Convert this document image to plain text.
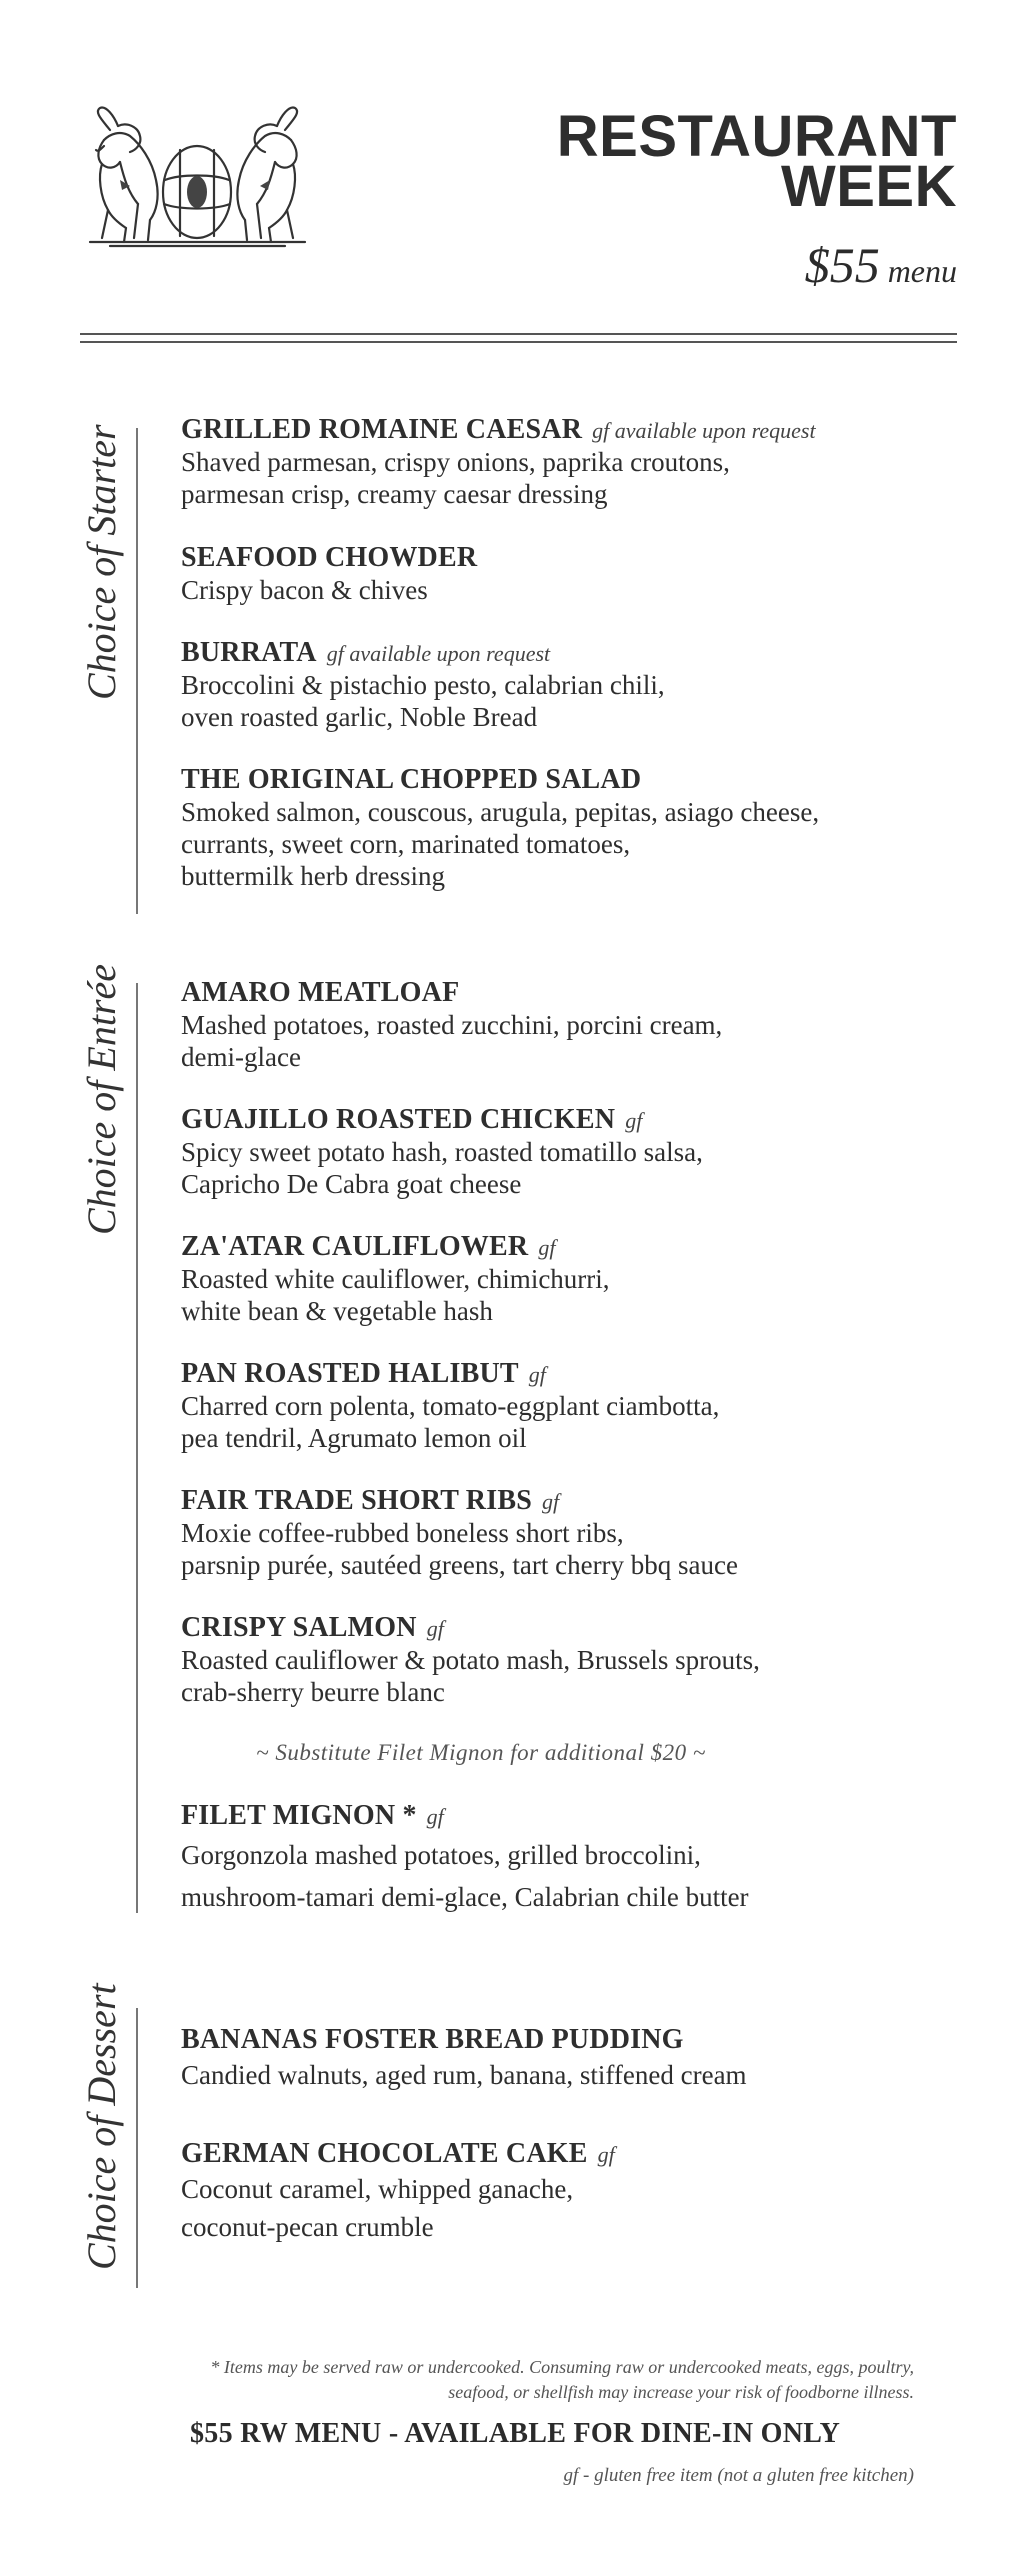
RESTAURANT
WEEK
$55 menu
Choice of Starter GRILLED ROMAINE CAESAR gf available upon request
Shaved parmesan, crispy onions, paprika croutons,
parmesan crisp, creamy caesar dressing
SEAFOOD CHOWDER
Crispy bacon & chives
BURRATA gf available upon request
Broccolini & pistachio pesto, calabrian chili,
oven roasted garlic, Noble Bread
THE ORIGINAL CHOPPED SALAD
Smoked salmon, couscous, arugula, pepitas, asiago cheese,
currants, sweet corn, marinated tomatoes,
buttermilk herb dressing
Choice of Entrée AMARO MEATLOAF
Mashed potatoes, roasted zucchini, porcini cream,
demi-glace
GUAJILLO ROASTED CHICKEN gf
Spicy sweet potato hash, roasted tomatillo salsa,
Capricho De Cabra goat cheese
ZA'ATAR CAULIFLOWER gf
Roasted white cauliflower, chimichurri,
white bean & vegetable hash
PAN ROASTED HALIBUT gf
Charred corn polenta, tomato-eggplant ciambotta,
pea tendril, Agrumato lemon oil
FAIR TRADE SHORT RIBS gf
Moxie coffee-rubbed boneless short ribs,
parsnip purée, sautéed greens, tart cherry bbq sauce
CRISPY SALMON gf
Roasted cauliflower & potato mash, Brussels sprouts,
crab-sherry beurre blanc
~ Substitute Filet Mignon for additional $20 ~
FILET MIGNON * gf
Gorgonzola mashed potatoes, grilled broccolini,
mushroom-tamari demi-glace, Calabrian chile butter
Choice of Dessert BANANAS FOSTER BREAD PUDDING
Candied walnuts, aged rum, banana, stiffened cream
GERMAN CHOCOLATE CAKE gf
Coconut caramel, whipped ganache,
coconut-pecan crumble
* Items may be served raw or undercooked. Consuming raw or undercooked meats, eggs, poultry,
seafood, or shellfish may increase your risk of foodborne illness.
$55 RW MENU - AVAILABLE FOR DINE-IN ONLY
gf - gluten free item (not a gluten free kitchen)
